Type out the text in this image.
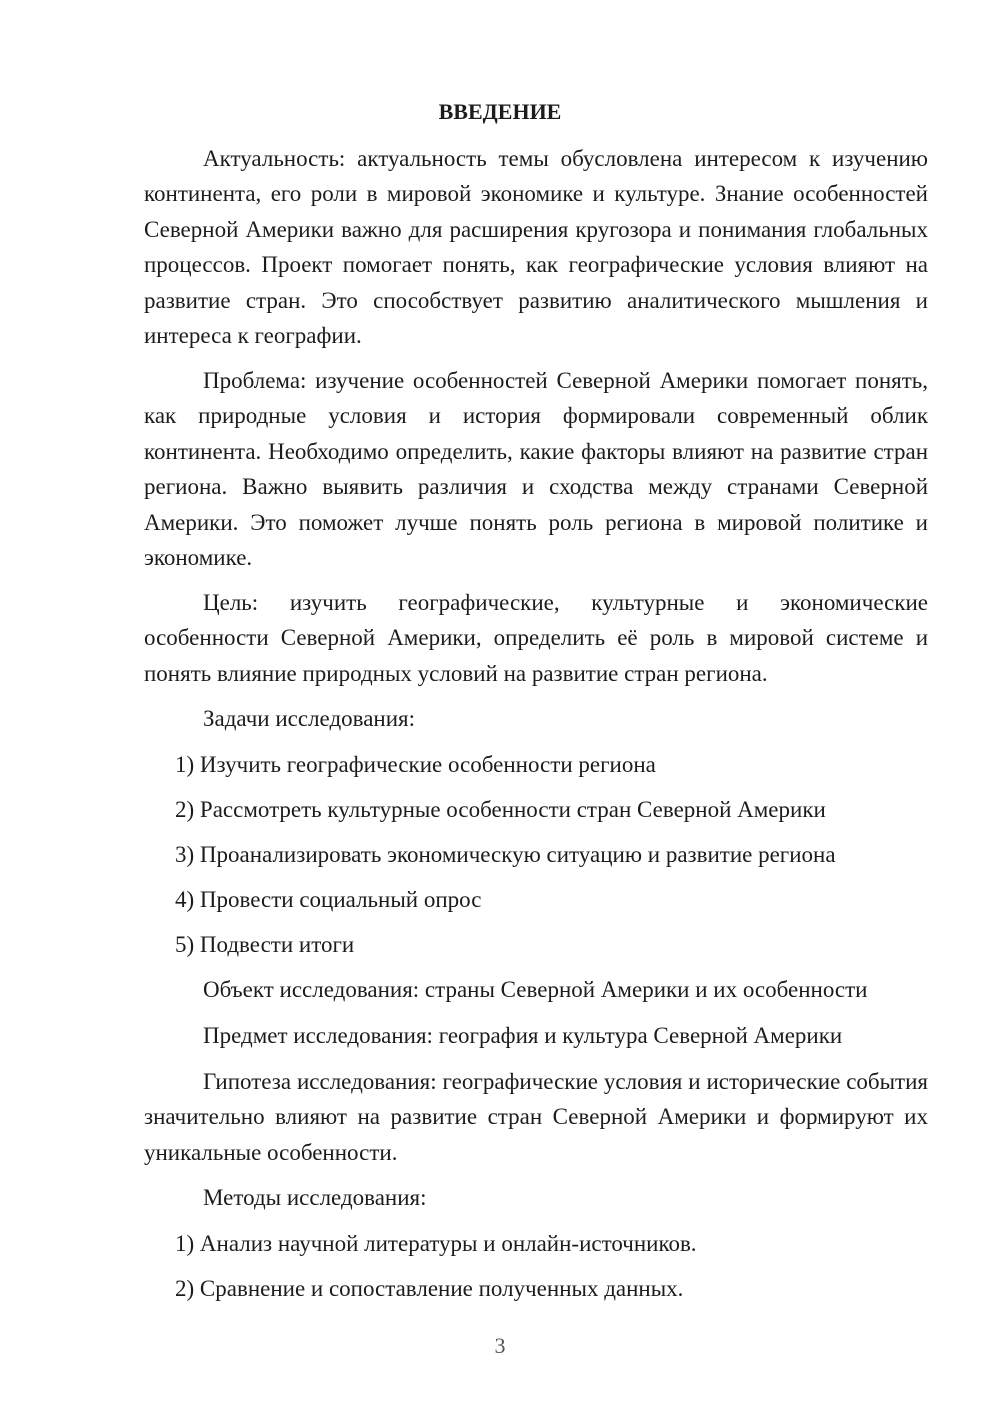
ВВЕДЕНИЕ
Актуальность: актуальность темы обусловлена интересом к изучению континента, его роли в мировой экономике и культуре. Знание особенностей Северной Америки важно для расширения кругозора и понимания глобальных процессов. Проект помогает понять, как географические условия влияют на развитие стран. Это способствует развитию аналитического мышления и интереса к географии.
Проблема: изучение особенностей Северной Америки помогает понять, как природные условия и история формировали современный облик континента. Необходимо определить, какие факторы влияют на развитие стран региона. Важно выявить различия и сходства между странами Северной Америки. Это поможет лучше понять роль региона в мировой политике и экономике.
Цель: изучить географические, культурные и экономические особенности Северной Америки, определить её роль в мировой системе и понять влияние природных условий на развитие стран региона.
Задачи исследования:
1) Изучить географические особенности региона
2) Рассмотреть культурные особенности стран Северной Америки
3) Проанализировать экономическую ситуацию и развитие региона
4) Провести социальный опрос
5) Подвести итоги
Объект исследования: страны Северной Америки и их особенности
Предмет исследования: география и культура Северной Америки
Гипотеза исследования: географические условия и исторические события значительно влияют на развитие стран Северной Америки и формируют их уникальные особенности.
Методы исследования:
1) Анализ научной литературы и онлайн-источников.
2) Сравнение и сопоставление полученных данных.
3
